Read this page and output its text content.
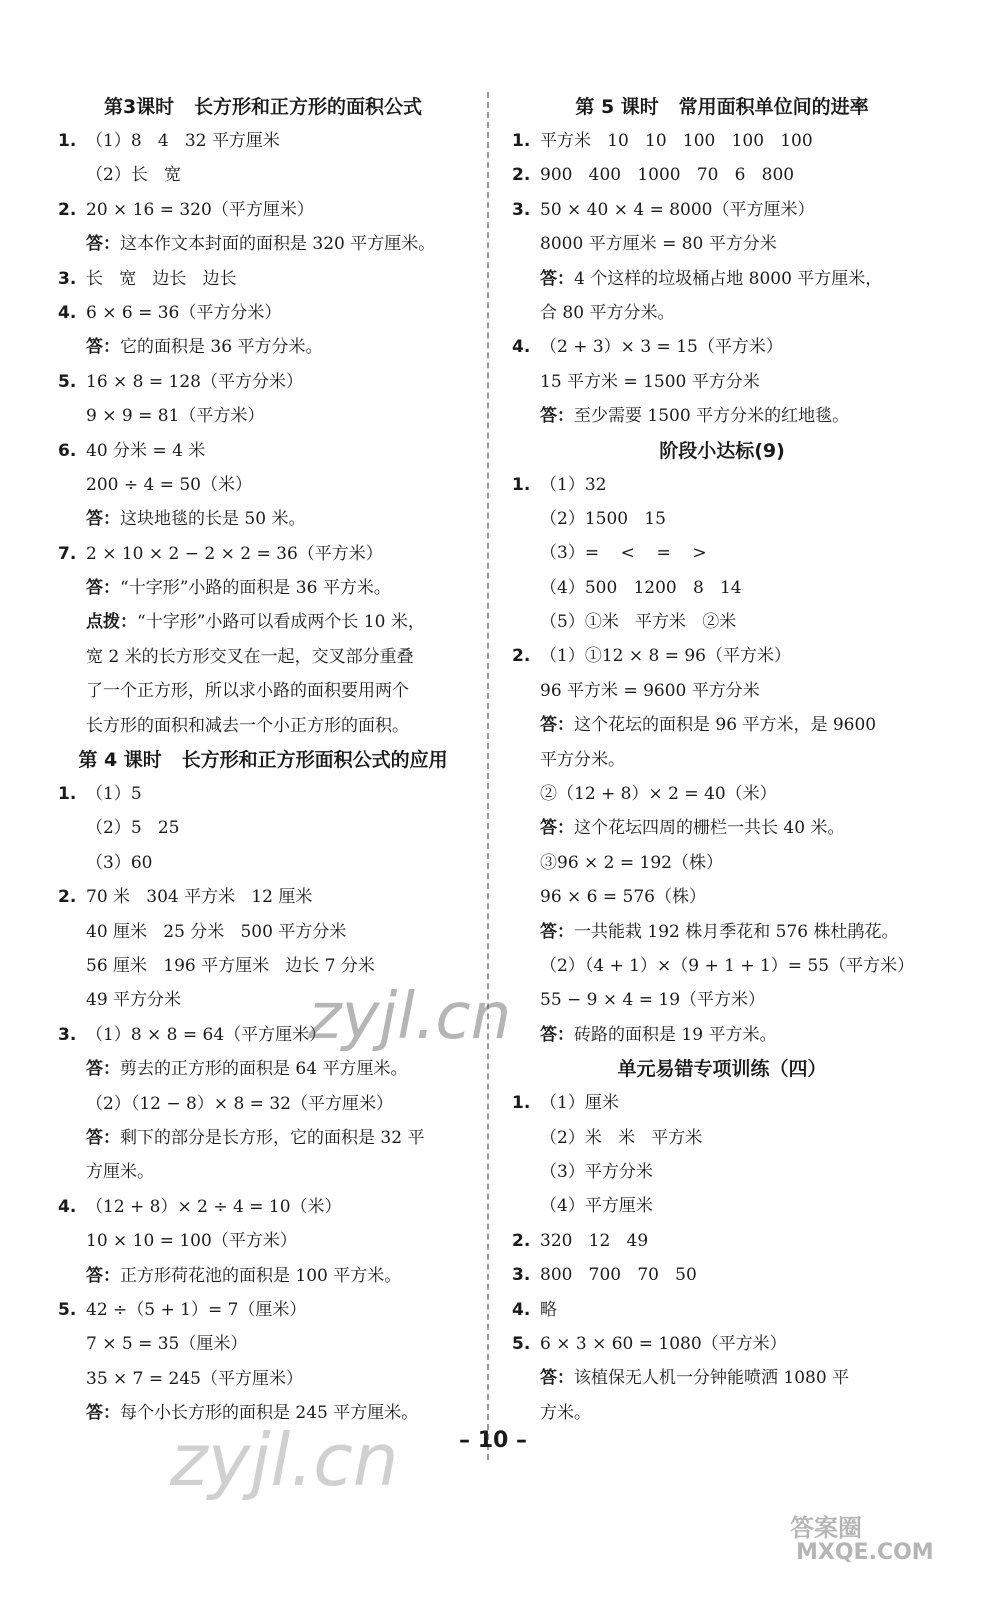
第3课时   长方形和正方形的面积公式
1. （1）8   4   32 平方厘米
（2）长   宽
2. 20 × 16 = 320（平方厘米）
答：这本作文本封面的面积是 320 平方厘米。
3. 长   宽   边长   边长
4. 6 × 6 = 36（平方分米）
答：它的面积是 36 平方分米。
5. 16 × 8 = 128（平方分米）
9 × 9 = 81（平方米）
6. 40 分米 = 4 米
200 ÷ 4 = 50（米）
答：这块地毯的长是 50 米。
7. 2 × 10 × 2 − 2 × 2 = 36（平方米）
答：“十字形”小路的面积是 36 平方米。
点拨：“十字形”小路可以看成两个长 10 米，
宽 2 米的长方形交叉在一起，交叉部分重叠
了一个正方形，所以求小路的面积要用两个
长方形的面积和减去一个小正方形的面积。
第 4 课时   长方形和正方形面积公式的应用
1. （1）5
（2）5   25
（3）60
2. 70 米   304 平方米   12 厘米
40 厘米   25 分米   500 平方分米
56 厘米   196 平方厘米   边长 7 分米
49 平方分米
3. （1）8 × 8 = 64（平方厘米）
答：剪去的正方形的面积是 64 平方厘米。
（2）（12 − 8）× 8 = 32（平方厘米）
答：剩下的部分是长方形，它的面积是 32 平
方厘米。
4. （12 + 8）× 2 ÷ 4 = 10（米）
10 × 10 = 100（平方米）
答：正方形荷花池的面积是 100 平方米。
5. 42 ÷（5 + 1）= 7（厘米）
7 × 5 = 35（厘米）
35 × 7 = 245（平方厘米）
答：每个小长方形的面积是 245 平方厘米。
第 5 课时   常用面积单位间的进率
1. 平方米   10   10   100   100   100
2. 900   400   1000   70   6   800
3. 50 × 40 × 4 = 8000（平方厘米）
8000 平方厘米 = 80 平方分米
答：4 个这样的垃圾桶占地 8000 平方厘米，
合 80 平方分米。
4. （2 + 3）× 3 = 15（平方米）
15 平方米 = 1500 平方分米
答：至少需要 1500 平方分米的红地毯。
阶段小达标(9)
1. （1）32
（2）1500   15
（3）=    <    =    >
（4）500   1200   8   14
（5）①米   平方米   ②米
2. （1）①12 × 8 = 96（平方米）
96 平方米 = 9600 平方分米
答：这个花坛的面积是 96 平方米，是 9600
平方分米。
②（12 + 8）× 2 = 40（米）
答：这个花坛四周的栅栏一共长 40 米。
③96 × 2 = 192（株）
96 × 6 = 576（株）
答：一共能栽 192 株月季花和 576 株杜鹃花。
（2）（4 + 1）×（9 + 1 + 1）= 55（平方米）
55 − 9 × 4 = 19（平方米）
答：砖路的面积是 19 平方米。
单元易错专项训练（四）
1. （1）厘米
（2）米   米   平方米
（3）平方分米
（4）平方厘米
2. 320   12   49
3. 800   700   70   50
4. 略
5. 6 × 3 × 60 = 1080（平方米）
答：该植保无人机一分钟能喷洒 1080 平
方米。
– 10 –
zyjl.cn
zyjl.cn
答案圈
MXQE.COM
